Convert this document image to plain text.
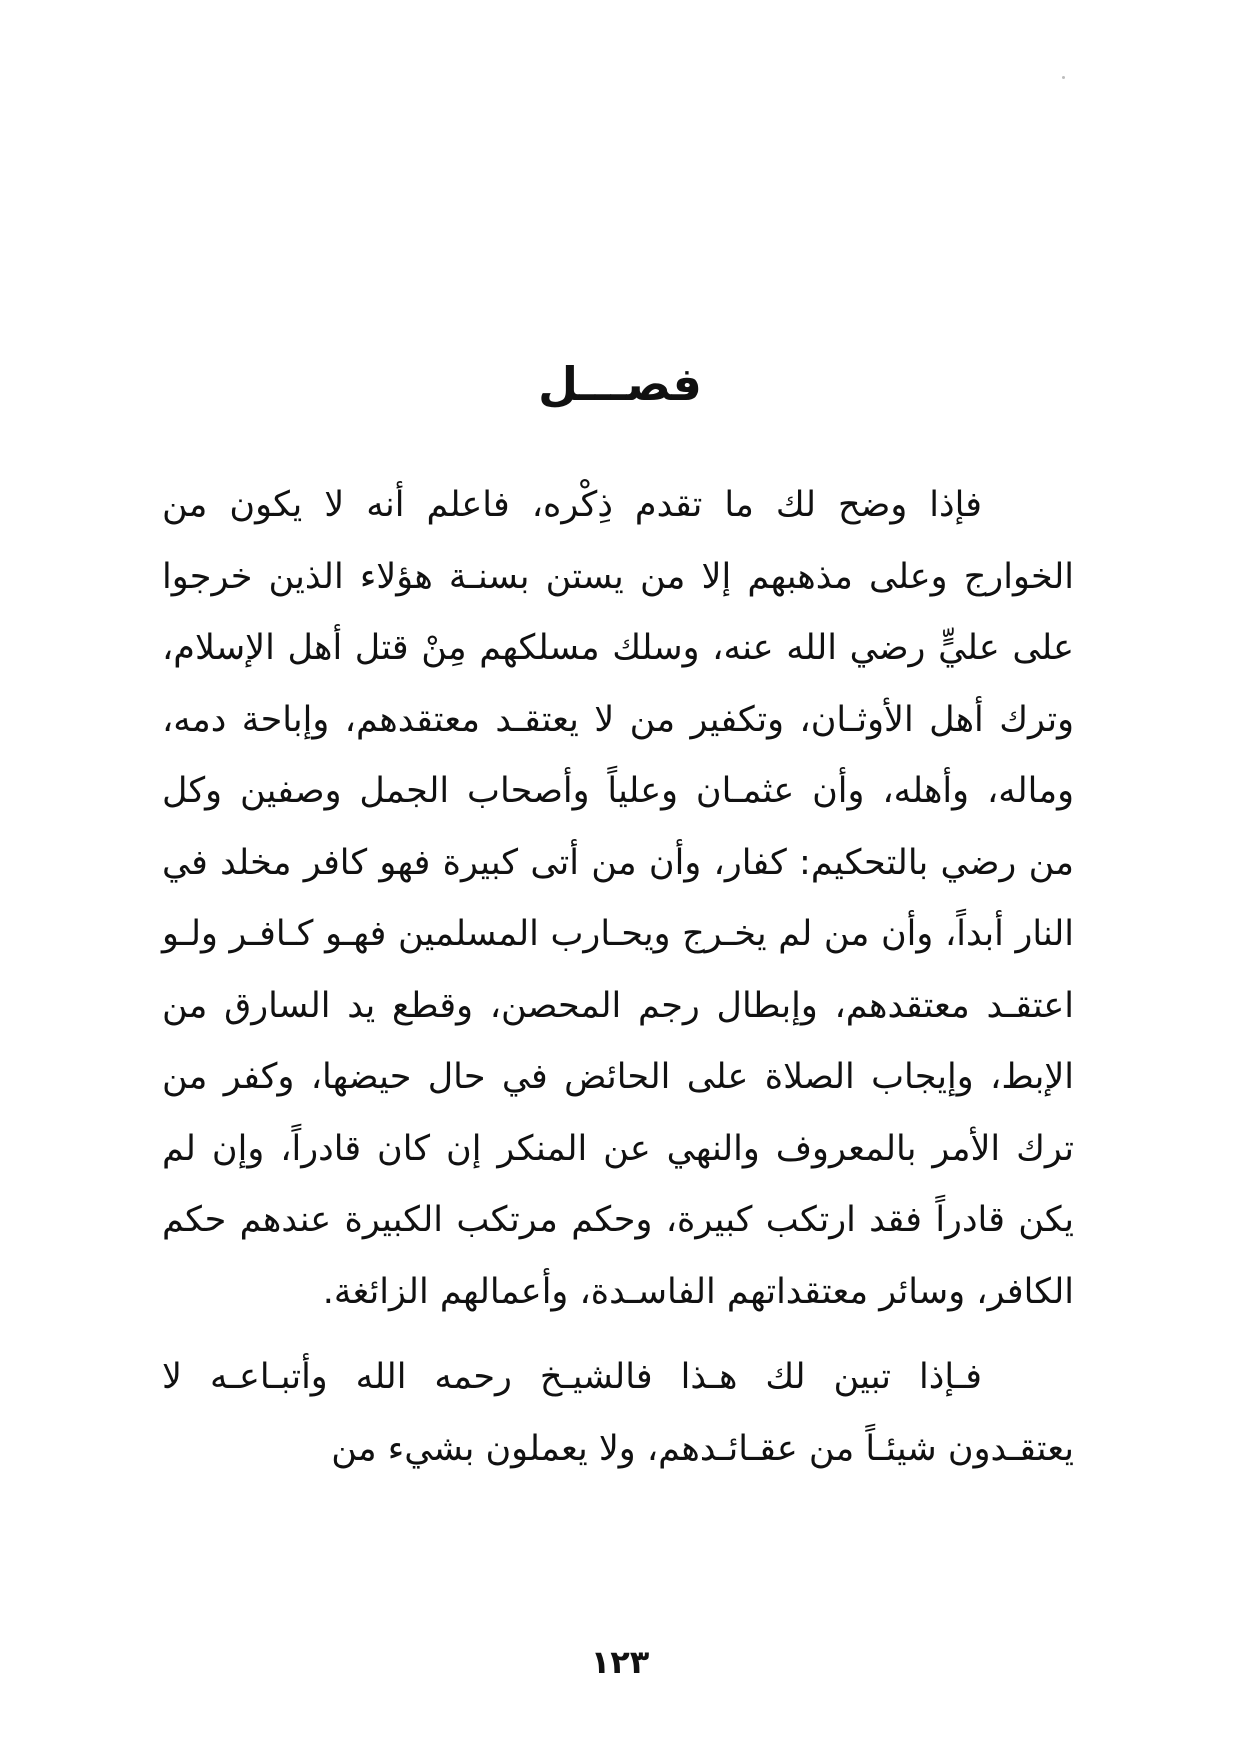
فصـــل

فإذا وضح لك ما تقدم ذِكْره، فاعلم أنه لا يكون من الخوارج وعلى مذهبهم إلا من يستن بسنـة هؤلاء الذين خرجوا على عليٍّ رضي الله عنه، وسلك مسلكهم مِنْ قتل أهل الإسلام، وترك أهل الأوثـان، وتكفير من لا يعتقـد معتقدهم، وإباحة دمه، وماله، وأهله، وأن عثمـان وعلياً وأصحاب الجمل وصفين وكل من رضي بالتحكيم: كفار، وأن من أتى كبيرة فهو كافر مخلد في النار أبداً، وأن من لم يخـرج ويحـارب المسلمين فهـو كـافـر ولـو اعتقـد معتقدهم، وإبطال رجم المحصن، وقطع يد السارق من الإبط، وإيجاب الصلاة على الحائض في حال حيضها، وكفر من ترك الأمر بالمعروف والنهي عن المنكر إن كان قادراً، وإن لم يكن قادراً فقد ارتكب كبيرة، وحكم مرتكب الكبيرة عندهم حكم الكافر، وسائر معتقداتهم الفاسـدة، وأعمالهم الزائغة.

فـإذا تبين لك هـذا فالشيـخ رحمه الله وأتبـاعـه لا يعتقـدون شيئـاً من عقـائـدهم، ولا يعملون بشيء من

١٢٣
